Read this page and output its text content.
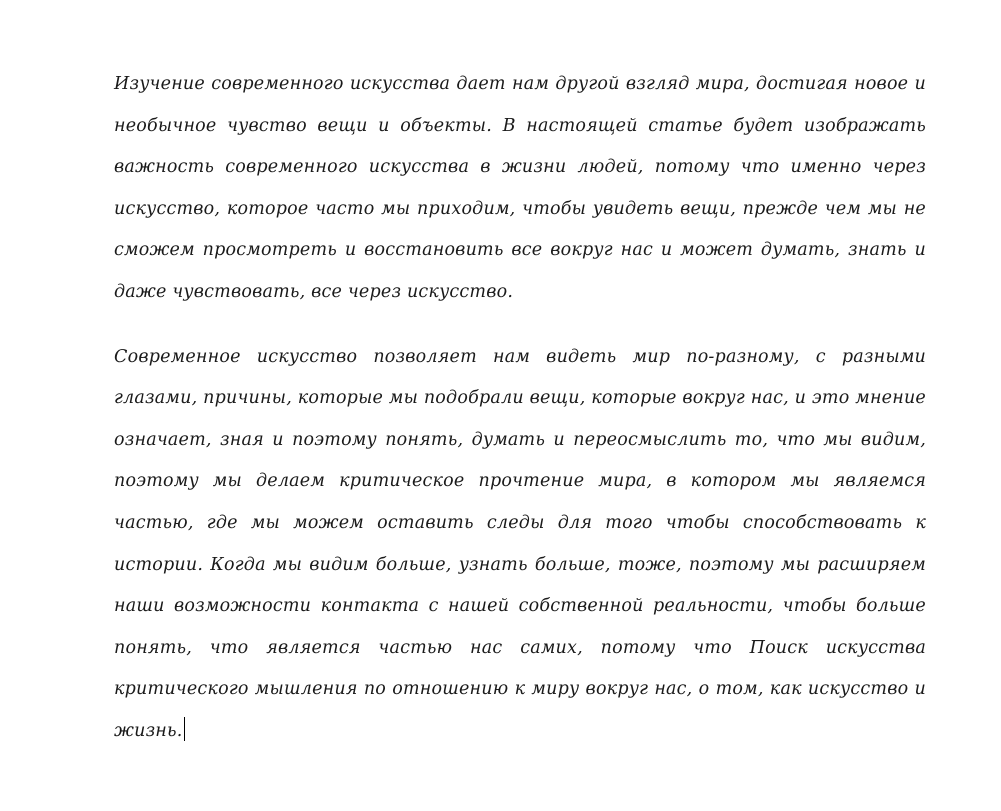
Изучение современного искусства дает нам другой взгляд мира, достигая новое и необычное чувство вещи и объекты. В настоящей статье будет изображать важность современного искусства в жизни людей, потому что именно через искусство, которое часто мы приходим, чтобы увидеть вещи, прежде чем мы не сможем просмотреть и восстановить все вокруг нас и может думать, знать и даже чувствовать, все через искусство.

Современное искусство позволяет нам видеть мир по-разному, с разными глазами, причины, которые мы подобрали вещи, которые вокруг нас, и это мнение означает, зная и поэтому понять, думать и переосмыслить то, что мы видим, поэтому мы делаем критическое прочтение мира, в котором мы являемся частью, где мы можем оставить следы для того чтобы способствовать к истории. Когда мы видим больше, узнать больше, тоже, поэтому мы расширяем наши возможности контакта с нашей собственной реальности, чтобы больше понять, что является частью нас самих, потому что Поиск искусства критического мышления по отношению к миру вокруг нас, о том, как искусство и жизнь.
